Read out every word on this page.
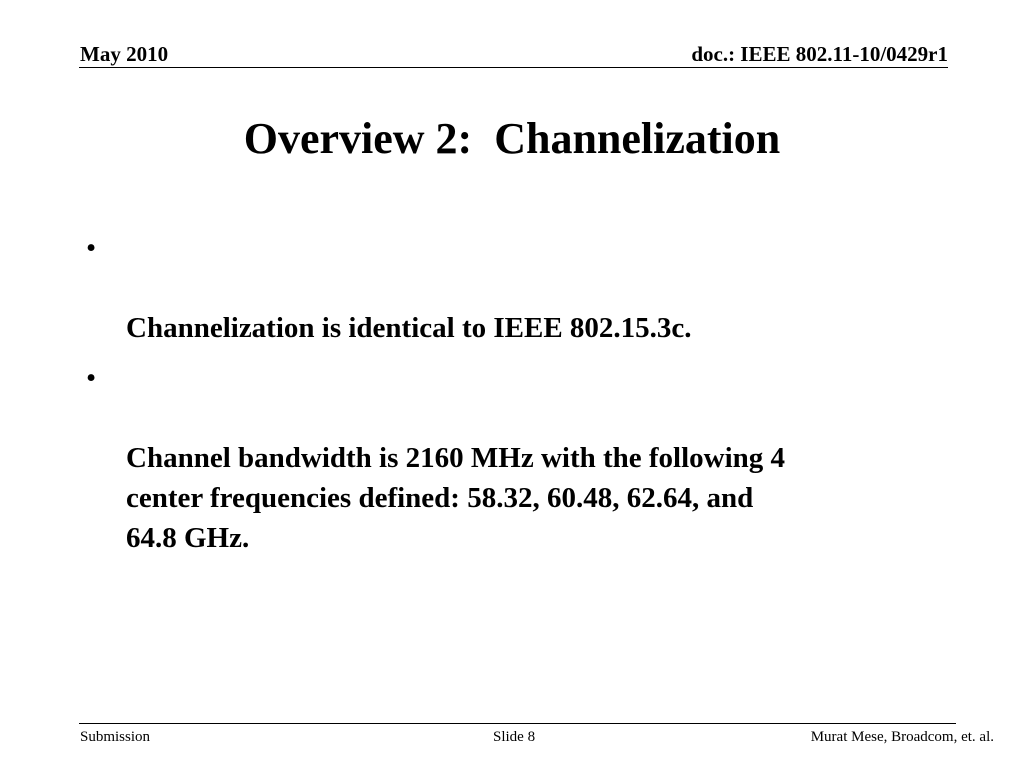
May 2010	doc.: IEEE 802.11-10/0429r1
Overview 2:  Channelization

•

Channelization is identical to IEEE 802.15.3c.

•

Channel bandwidth is 2160 MHz with the following 4
center frequencies defined: 58.32, 60.48, 62.64, and
64.8 GHz.

Submission	Slide 8	Murat Mese, Broadcom, et. al.
